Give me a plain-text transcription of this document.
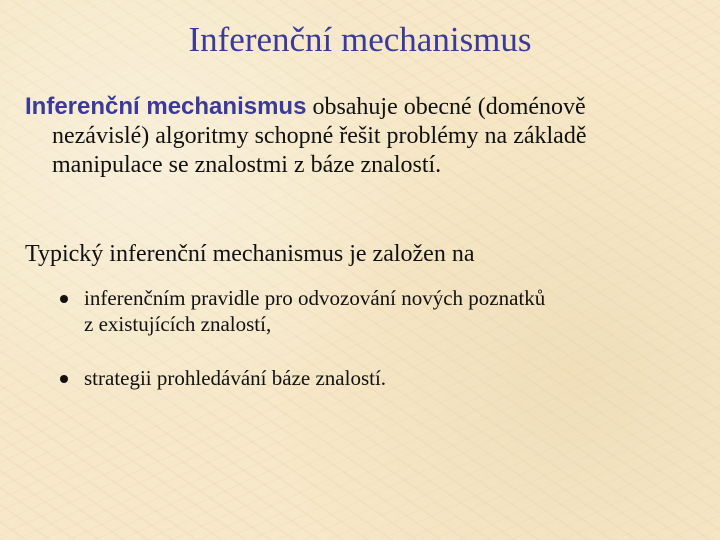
Inferenční mechanismus
Inferenční mechanismus obsahuje obecné (doménově
nezávislé) algoritmy schopné řešit problémy na základě
manipulace se znalostmi z báze znalostí.
Typický inferenční mechanismus je založen na
inferenčním pravidle pro odvozování nových poznatků
z existujících znalostí,
strategii prohledávání báze znalostí.
